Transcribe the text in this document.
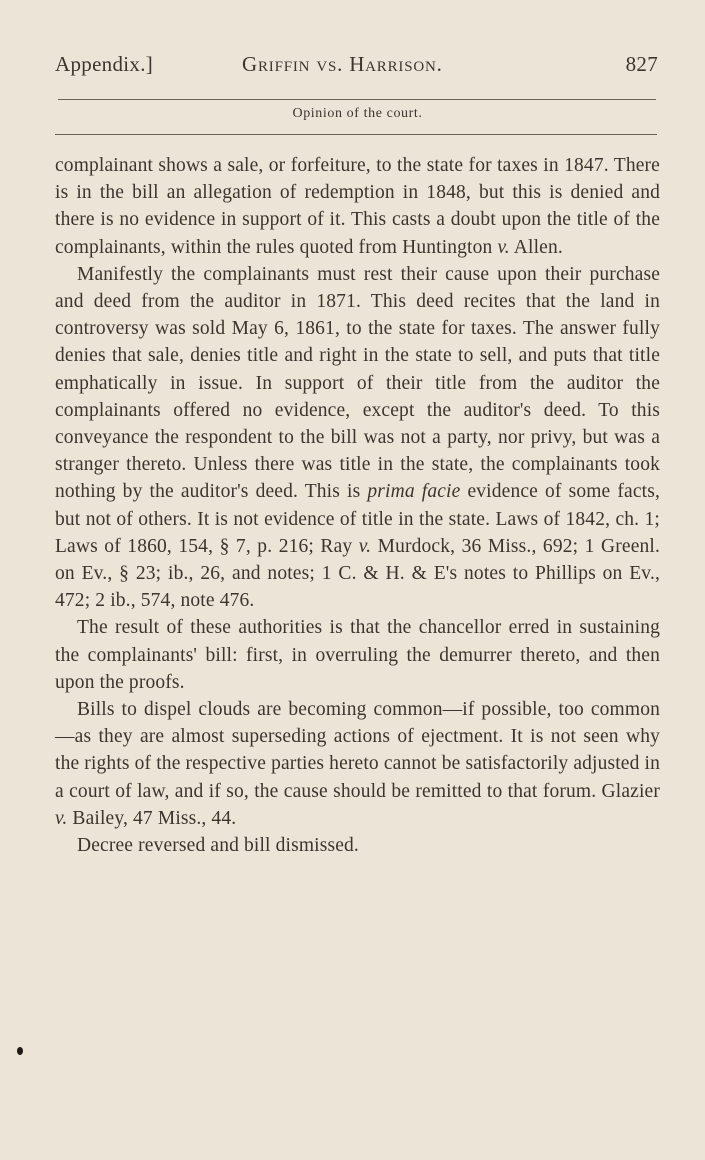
Appendix.]	Griffin vs. Harrison.	827
Opinion of the court.

complainant shows a sale, or forfeiture, to the state for taxes in 1847. There is in the bill an allegation of redemption in 1848, but this is denied and there is no evidence in support of it. This casts a doubt upon the title of the complainants, within the rules quoted from Huntington v. Allen.

Manifestly the complainants must rest their cause upon their purchase and deed from the auditor in 1871. This deed recites that the land in controversy was sold May 6, 1861, to the state for taxes. The answer fully denies that sale, denies title and right in the state to sell, and puts that title emphatically in issue. In support of their title from the auditor the complainants offered no evidence, except the auditor's deed. To this conveyance the respondent to the bill was not a party, nor privy, but was a stranger thereto. Unless there was title in the state, the complainants took nothing by the auditor's deed. This is prima facie evidence of some facts, but not of others. It is not evidence of title in the state. Laws of 1842, ch. 1; Laws of 1860, 154, § 7, p. 216; Ray v. Murdock, 36 Miss., 692; 1 Greenl. on Ev., § 23; ib., 26, and notes; 1 C. & H. & E's notes to Phillips on Ev., 472; 2 ib., 574, note 476.

The result of these authorities is that the chancellor erred in sustaining the complainants' bill: first, in overruling the demurrer thereto, and then upon the proofs.

Bills to dispel clouds are becoming common—if possible, too common—as they are almost superseding actions of ejectment. It is not seen why the rights of the respective parties hereto cannot be satisfactorily adjusted in a court of law, and if so, the cause should be remitted to that forum. Glazier v. Bailey, 47 Miss., 44.

Decree reversed and bill dismissed.
